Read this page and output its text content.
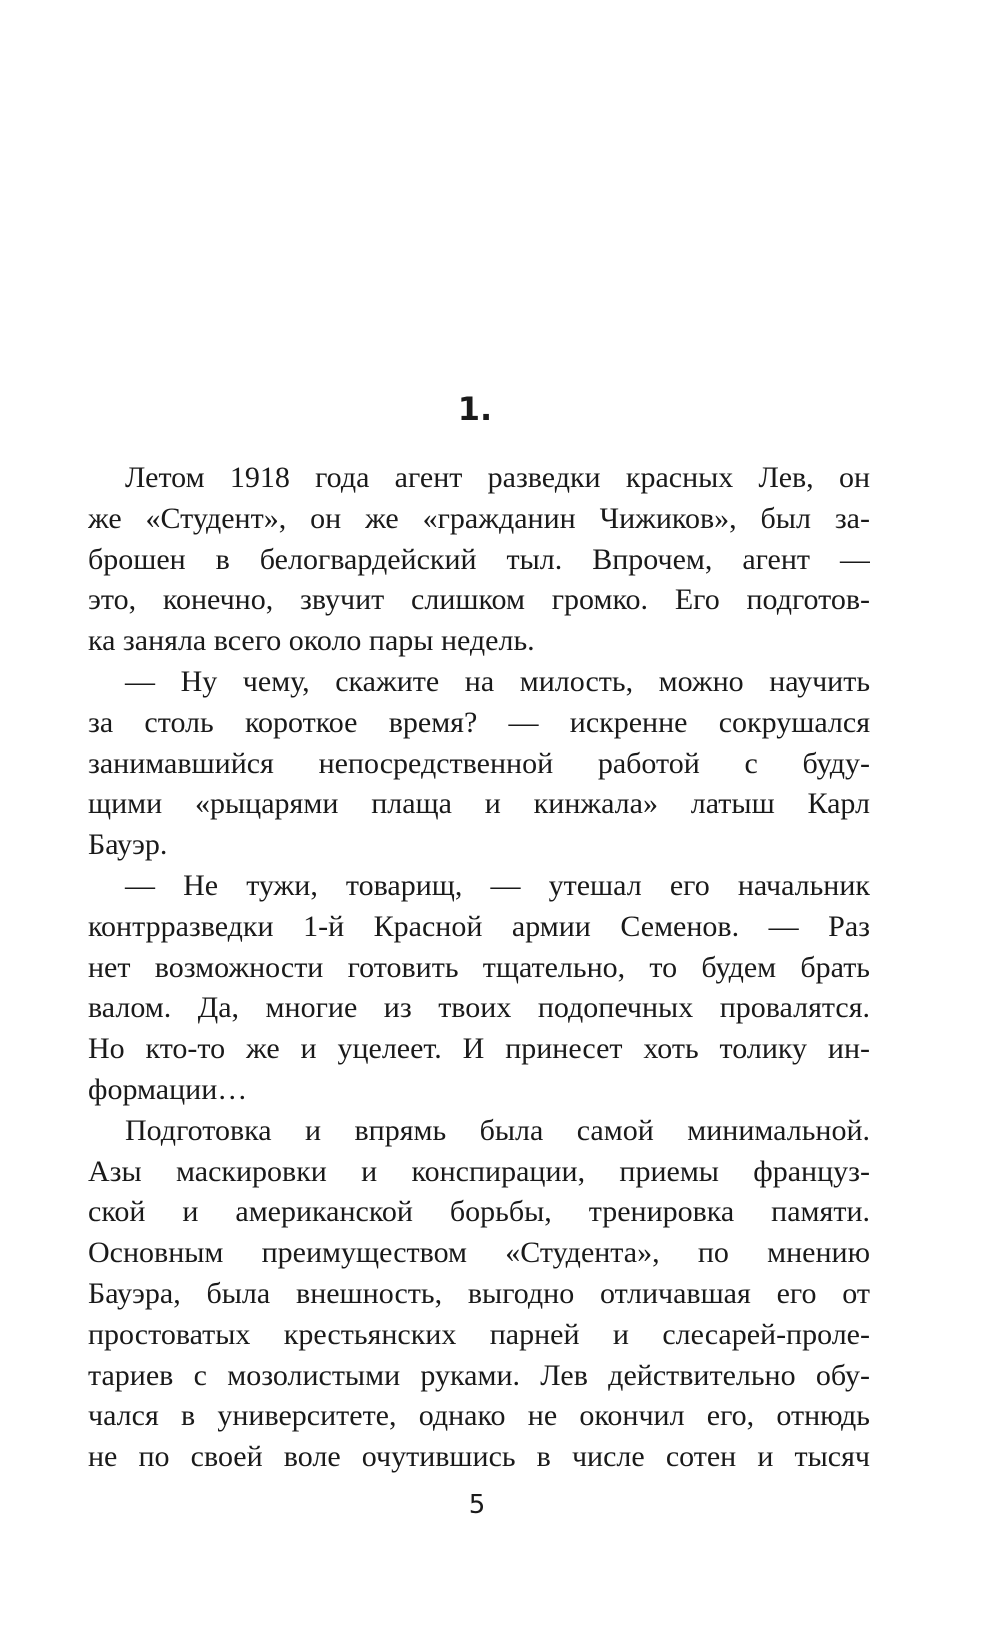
1.
Летом 1918 года агент разведки красных Лев, он
же «Студент», он же «гражданин Чижиков», был за-
брошен в белогвардейский тыл. Впрочем, агент —
это, конечно, звучит слишком громко. Его подготов-
ка заняла всего около пары недель.
— Ну чему, скажите на милость, можно научить
за столь короткое время? — искренне сокрушался
занимавшийся непосредственной работой с буду-
щими «рыцарями плаща и кинжала» латыш Карл
Бауэр.
— Не тужи, товарищ, — утешал его начальник
контрразведки 1-й Красной армии Семенов. — Раз
нет возможности готовить тщательно, то будем брать
валом. Да, многие из твоих подопечных провалятся.
Но кто-то же и уцелеет. И принесет хоть толику ин-
формации…
Подготовка и впрямь была самой минимальной.
Азы маскировки и конспирации, приемы француз-
ской и американской борьбы, тренировка памяти.
Основным преимуществом «Студента», по мнению
Бауэра, была внешность, выгодно отличавшая его от
простоватых крестьянских парней и слесарей-проле-
тариев с мозолистыми руками. Лев действительно обу-
чался в университете, однако не окончил его, отнюдь
не по своей воле очутившись в числе сотен и тысяч
5
